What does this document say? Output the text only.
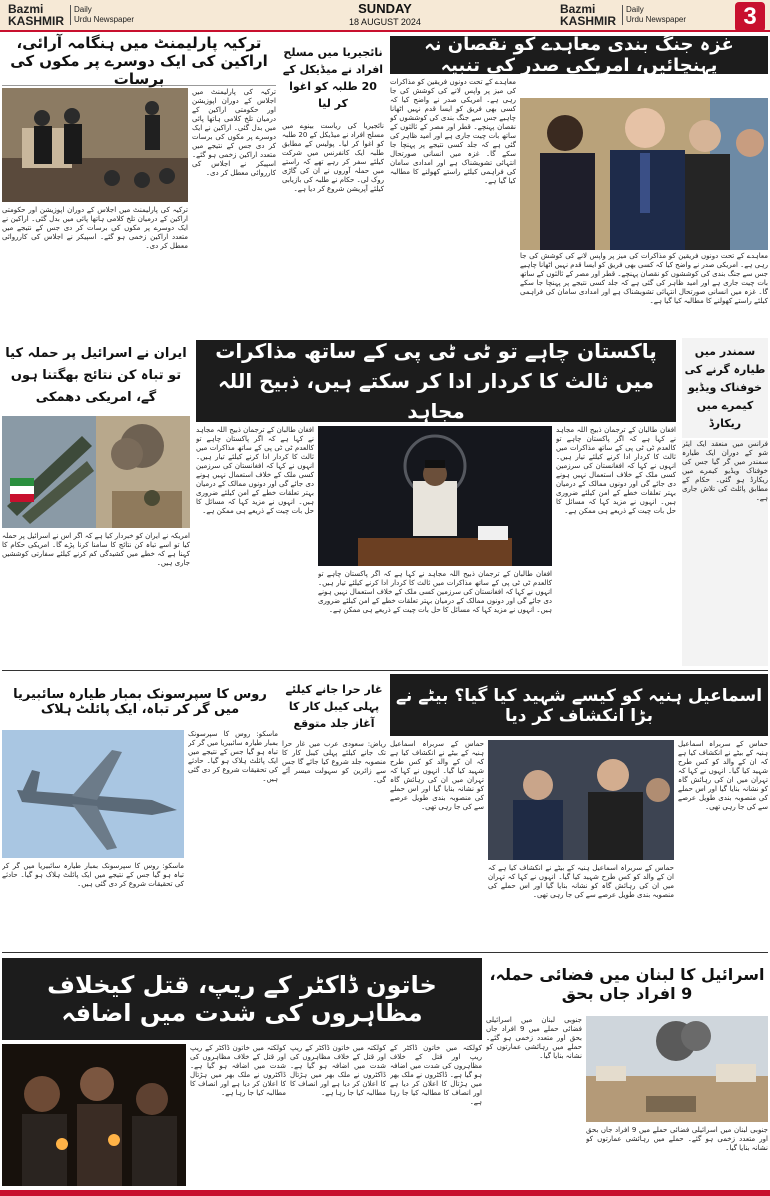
Bazmi
KASHMIR
Daily
Urdu Newspaper
SUNDAY
18 AUGUST 2024
Bazmi
KASHMIR
Daily
Urdu Newspaper	3
غزہ جنگ بندی معاہدے کو نقصان نہ پہنچائیں، امریکی صدر کی تنبیہ
معاہدے کے تحت دونوں فریقین کو مذاکرات کی میز پر واپس لانے کی کوشش کی جا رہی ہے۔ امریکی صدر نے واضح کیا کہ کسی بھی فریق کو ایسا قدم نہیں اٹھانا چاہیے جس سے جنگ بندی کی کوششوں کو نقصان پہنچے۔ قطر اور مصر کے ثالثوں کے ساتھ بات چیت جاری ہے اور امید ظاہر کی گئی ہے کہ جلد کسی نتیجے پر پہنچا جا سکے گا۔ غزہ میں انسانی صورتحال انتہائی تشویشناک ہے اور امدادی سامان کی فراہمی کیلئے راستے کھولنے کا مطالبہ کیا گیا ہے۔
معاہدے کے تحت دونوں فریقین کو مذاکرات کی میز پر واپس لانے کی کوشش کی جا رہی ہے۔ امریکی صدر نے واضح کیا کہ کسی بھی فریق کو ایسا قدم نہیں اٹھانا چاہیے جس سے جنگ بندی کی کوششوں کو نقصان پہنچے۔ قطر اور مصر کے ثالثوں کے ساتھ بات چیت جاری ہے اور امید ظاہر کی گئی ہے کہ جلد کسی نتیجے پر پہنچا جا سکے گا۔ غزہ میں انسانی صورتحال انتہائی تشویشناک ہے اور امدادی سامان کی فراہمی کیلئے راستے کھولنے کا مطالبہ کیا گیا ہے۔
نائجیریا میں مسلح افراد نے میڈیکل کے 20 طلبہ کو اغوا کر لیا
نائجیریا کی ریاست بینوے میں مسلح افراد نے میڈیکل کے 20 طلبہ کو اغوا کر لیا۔ پولیس کے مطابق طلبہ ایک کانفرنس میں شرکت کیلئے سفر کر رہے تھے کہ راستے میں حملہ آوروں نے ان کی گاڑی روک لی۔ حکام نے طلبہ کی بازیابی کیلئے آپریشن شروع کر دیا ہے۔
ترکیہ پارلیمنٹ میں ہنگامہ آرائی، اراکین کی ایک دوسرے پر مکوں کی برسات
ترکیہ کی پارلیمنٹ میں اجلاس کے دوران اپوزیشن اور حکومتی اراکین کے درمیان تلخ کلامی ہاتھا پائی میں بدل گئی۔ اراکین نے ایک دوسرے پر مکوں کی برسات کر دی جس کے نتیجے میں متعدد اراکین زخمی ہو گئے۔ اسپیکر نے اجلاس کی کارروائی معطل کر دی۔
ترکیہ کی پارلیمنٹ میں اجلاس کے دوران اپوزیشن اور حکومتی اراکین کے درمیان تلخ کلامی ہاتھا پائی میں بدل گئی۔ اراکین نے ایک دوسرے پر مکوں کی برسات کر دی جس کے نتیجے میں متعدد اراکین زخمی ہو گئے۔ اسپیکر نے اجلاس کی کارروائی معطل کر دی۔
پاکستان چاہے تو ٹی ٹی پی کے ساتھ مذاکرات میں ثالث کا کردار ادا کر سکتے ہیں، ذبیح اللہ مجاہد
افغان طالبان کے ترجمان ذبیح اللہ مجاہد نے کہا ہے کہ اگر پاکستان چاہے تو کالعدم ٹی ٹی پی کے ساتھ مذاکرات میں ثالث کا کردار ادا کرنے کیلئے تیار ہیں۔ انہوں نے کہا کہ افغانستان کی سرزمین کسی ملک کے خلاف استعمال نہیں ہونے دی جائے گی اور دونوں ممالک کے درمیان بہتر تعلقات خطے کے امن کیلئے ضروری ہیں۔ انہوں نے مزید کہا کہ مسائل کا حل بات چیت کے ذریعے ہی ممکن ہے۔
افغان طالبان کے ترجمان ذبیح اللہ مجاہد نے کہا ہے کہ اگر پاکستان چاہے تو کالعدم ٹی ٹی پی کے ساتھ مذاکرات میں ثالث کا کردار ادا کرنے کیلئے تیار ہیں۔ انہوں نے کہا کہ افغانستان کی سرزمین کسی ملک کے خلاف استعمال نہیں ہونے دی جائے گی اور دونوں ممالک کے درمیان بہتر تعلقات خطے کے امن کیلئے ضروری ہیں۔ انہوں نے مزید کہا کہ مسائل کا حل بات چیت کے ذریعے ہی ممکن ہے۔
افغان طالبان کے ترجمان ذبیح اللہ مجاہد نے کہا ہے کہ اگر پاکستان چاہے تو کالعدم ٹی ٹی پی کے ساتھ مذاکرات میں ثالث کا کردار ادا کرنے کیلئے تیار ہیں۔ انہوں نے کہا کہ افغانستان کی سرزمین کسی ملک کے خلاف استعمال نہیں ہونے دی جائے گی اور دونوں ممالک کے درمیان بہتر تعلقات خطے کے امن کیلئے ضروری ہیں۔ انہوں نے مزید کہا کہ مسائل کا حل بات چیت کے ذریعے ہی ممکن ہے۔
ایران نے اسرائیل پر حملہ کیا تو تباہ کن نتائج بھگتنا ہوں گے، امریکی دھمکی
امریکہ نے ایران کو خبردار کیا ہے کہ اگر اس نے اسرائیل پر حملہ کیا تو اسے تباہ کن نتائج کا سامنا کرنا پڑے گا۔ امریکی حکام کا کہنا ہے کہ خطے میں کشیدگی کم کرنے کیلئے سفارتی کوششیں جاری ہیں۔
سمندر میں طیارہ گرنے کی خوفناک ویڈیو کیمرے میں ریکارڈ
فرانس میں منعقد ایک ایئر شو کے دوران ایک طیارہ سمندر میں گر گیا جس کی خوفناک ویڈیو کیمرے میں ریکارڈ ہو گئی۔ حکام کے مطابق پائلٹ کی تلاش جاری ہے۔
اسماعیل ہنیہ کو کیسے شہید کیا گیا؟ بیٹے نے بڑا انکشاف کر دیا
حماس کے سربراہ اسماعیل ہنیہ کے بیٹے نے انکشاف کیا ہے کہ ان کے والد کو کس طرح شہید کیا گیا۔ انہوں نے کہا کہ تہران میں ان کی رہائش گاہ کو نشانہ بنایا گیا اور اس حملے کی منصوبہ بندی طویل عرصے سے کی جا رہی تھی۔
حماس کے سربراہ اسماعیل ہنیہ کے بیٹے نے انکشاف کیا ہے کہ ان کے والد کو کس طرح شہید کیا گیا۔ انہوں نے کہا کہ تہران میں ان کی رہائش گاہ کو نشانہ بنایا گیا اور اس حملے کی منصوبہ بندی طویل عرصے سے کی جا رہی تھی۔
حماس کے سربراہ اسماعیل ہنیہ کے بیٹے نے انکشاف کیا ہے کہ ان کے والد کو کس طرح شہید کیا گیا۔ انہوں نے کہا کہ تہران میں ان کی رہائش گاہ کو نشانہ بنایا گیا اور اس حملے کی منصوبہ بندی طویل عرصے سے کی جا رہی تھی۔
غار حرا جانے کیلئے پہلی کیبل کار کا آغاز جلد متوقع
ریاض: سعودی عرب میں غار حرا تک جانے کیلئے پہلی کیبل کار کا منصوبہ جلد شروع کیا جائے گا جس سے زائرین کو سہولت میسر آئے گی۔
روس کا سپرسونک بمبار طیارہ سائبیریا میں گر کر تباہ، ایک پائلٹ ہلاک
ماسکو: روس کا سپرسونک بمبار طیارہ سائبیریا میں گر کر تباہ ہو گیا جس کے نتیجے میں ایک پائلٹ ہلاک ہو گیا۔ حادثے کی تحقیقات شروع کر دی گئی ہیں۔
ماسکو: روس کا سپرسونک بمبار طیارہ سائبیریا میں گر کر تباہ ہو گیا جس کے نتیجے میں ایک پائلٹ ہلاک ہو گیا۔ حادثے کی تحقیقات شروع کر دی گئی ہیں۔
اسرائیل کا لبنان میں فضائی حملہ، 9 افراد جاں بحق
جنوبی لبنان میں اسرائیلی فضائی حملے میں 9 افراد جاں بحق اور متعدد زخمی ہو گئے۔ حملے میں رہائشی عمارتوں کو نشانہ بنایا گیا۔
جنوبی لبنان میں اسرائیلی فضائی حملے میں 9 افراد جاں بحق اور متعدد زخمی ہو گئے۔ حملے میں رہائشی عمارتوں کو نشانہ بنایا گیا۔
خاتون ڈاکٹر کے ریپ، قتل کیخلاف مظاہروں کی شدت میں اضافہ
کولکتہ میں خاتون ڈاکٹر کے ریپ اور قتل کے خلاف مظاہروں کی شدت میں اضافہ ہو گیا ہے۔ ڈاکٹروں نے ملک بھر میں ہڑتال کا اعلان کر دیا ہے اور انصاف کا مطالبہ کیا جا رہا ہے۔
کولکتہ میں خاتون ڈاکٹر کے ریپ اور قتل کے خلاف مظاہروں کی شدت میں اضافہ ہو گیا ہے۔ ڈاکٹروں نے ملک بھر میں ہڑتال کا اعلان کر دیا ہے اور انصاف کا مطالبہ کیا جا رہا ہے۔
کولکتہ میں خاتون ڈاکٹر کے ریپ اور قتل کے خلاف مظاہروں کی شدت میں اضافہ ہو گیا ہے۔ ڈاکٹروں نے ملک بھر میں ہڑتال کا اعلان کر دیا ہے اور انصاف کا مطالبہ کیا جا رہا ہے۔
